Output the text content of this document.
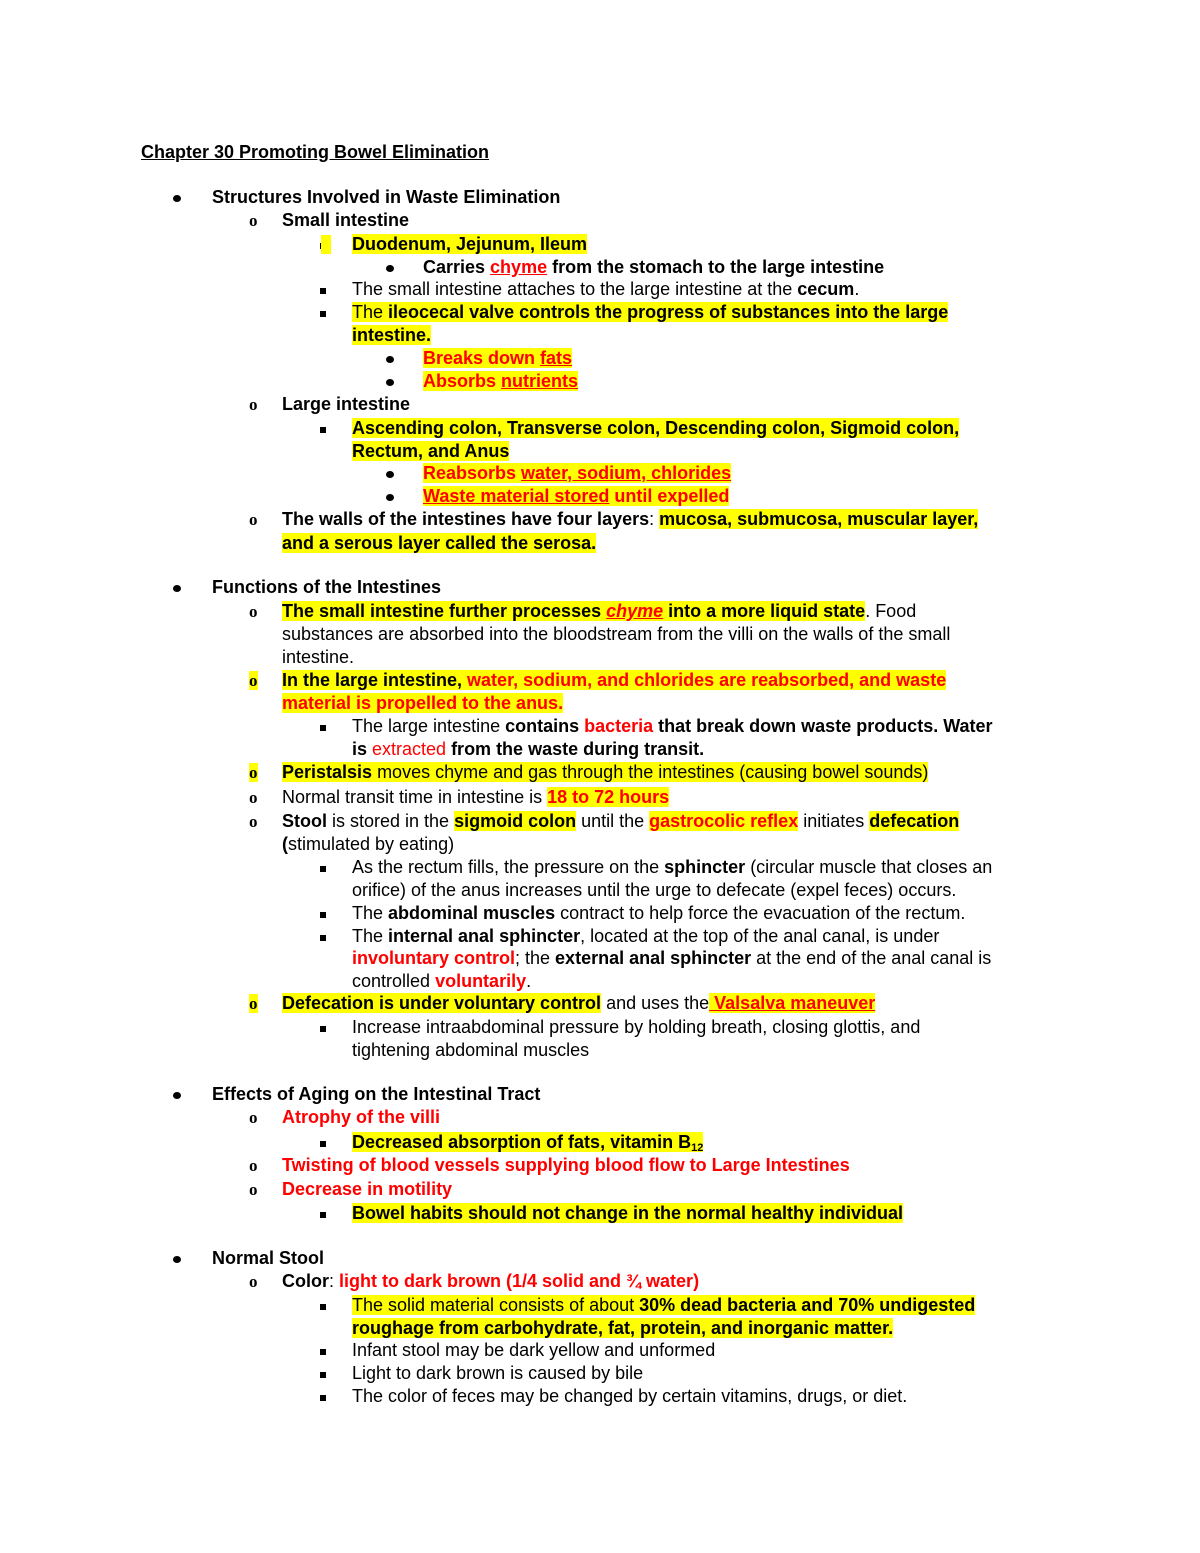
Chapter 30 Promoting Bowel Elimination
Structures Involved in Waste Elimination
o Small intestine
Duodenum, Jejunum, Ileum
Carries chyme from the stomach to the large intestine
The small intestine attaches to the large intestine at the cecum.
The ileocecal valve controls the progress of substances into the large
intestine.
Breaks down fats
Absorbs nutrients
o Large intestine
Ascending colon, Transverse colon, Descending colon, Sigmoid colon,
Rectum, and Anus
Reabsorbs water, sodium, chlorides
Waste material stored until expelled
o The walls of the intestines have four layers: mucosa, submucosa, muscular layer,
and a serous layer called the serosa.
Functions of the Intestines
o The small intestine further processes chyme into a more liquid state. Food
substances are absorbed into the bloodstream from the villi on the walls of the small
intestine.
o In the large intestine, water, sodium, and chlorides are reabsorbed, and waste
material is propelled to the anus.
The large intestine contains bacteria that break down waste products. Water
is extracted from the waste during transit.
o Peristalsis moves chyme and gas through the intestines (causing bowel sounds)
o Normal transit time in intestine is 18 to 72 hours
o Stool is stored in the sigmoid colon until the gastrocolic reflex initiates defecation
(stimulated by eating)
As the rectum fills, the pressure on the sphincter (circular muscle that closes an
orifice) of the anus increases until the urge to defecate (expel feces) occurs.
The abdominal muscles contract to help force the evacuation of the rectum.
The internal anal sphincter, located at the top of the anal canal, is under
involuntary control; the external anal sphincter at the end of the anal canal is
controlled voluntarily.
o Defecation is under voluntary control and uses the Valsalva maneuver
Increase intraabdominal pressure by holding breath, closing glottis, and
tightening abdominal muscles
Effects of Aging on the Intestinal Tract
o Atrophy of the villi
Decreased absorption of fats, vitamin $B_{12}$
o Twisting of blood vessels supplying blood flow to Large Intestines
o Decrease in motility
Bowel habits should not change in the normal healthy individual
Normal Stool
o Color: light to dark brown (1/4 solid and ¾ water)
The solid material consists of about 30% dead bacteria and 70% undigested
roughage from carbohydrate, fat, protein, and inorganic matter.
Infant stool may be dark yellow and unformed
Light to dark brown is caused by bile
The color of feces may be changed by certain vitamins, drugs, or diet.
